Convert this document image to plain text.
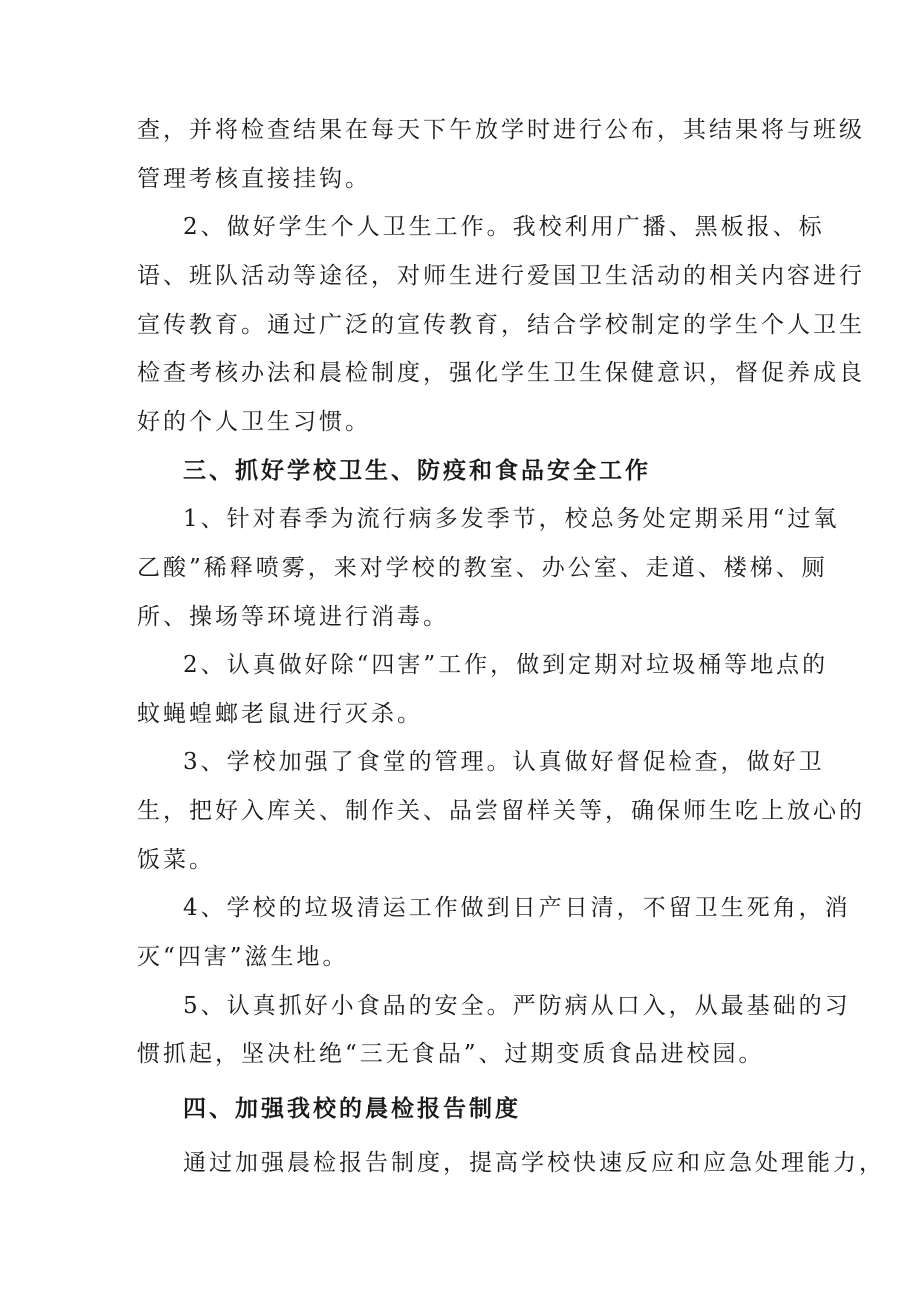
查，并将检查结果在每天下午放学时进行公布，其结果将与班级

管理考核直接挂钩。

2、做好学生个人卫生工作。我校利用广播、黑板报、标

语、班队活动等途径，对师生进行爱国卫生活动的相关内容进行

宣传教育。通过广泛的宣传教育，结合学校制定的学生个人卫生

检查考核办法和晨检制度，强化学生卫生保健意识，督促养成良

好的个人卫生习惯。

三、抓好学校卫生、防疫和食品安全工作

1、针对春季为流行病多发季节，校总务处定期采用“过氧

乙酸”稀释喷雾，来对学校的教室、办公室、走道、楼梯、厕

所、操场等环境进行消毒。

2、认真做好除“四害”工作，做到定期对垃圾桶等地点的

蚊蝇蝗螂老鼠进行灭杀。

3、学校加强了食堂的管理。认真做好督促检查，做好卫

生，把好入库关、制作关、品尝留样关等，确保师生吃上放心的

饭菜。

4、学校的垃圾清运工作做到日产日清，不留卫生死角，消

灭“四害”滋生地。

5、认真抓好小食品的安全。严防病从口入，从最基础的习

惯抓起，坚决杜绝“三无食品”、过期变质食品进校园。

四、加强我校的晨检报告制度

通过加强晨检报告制度，提高学校快速反应和应急处理能力，
